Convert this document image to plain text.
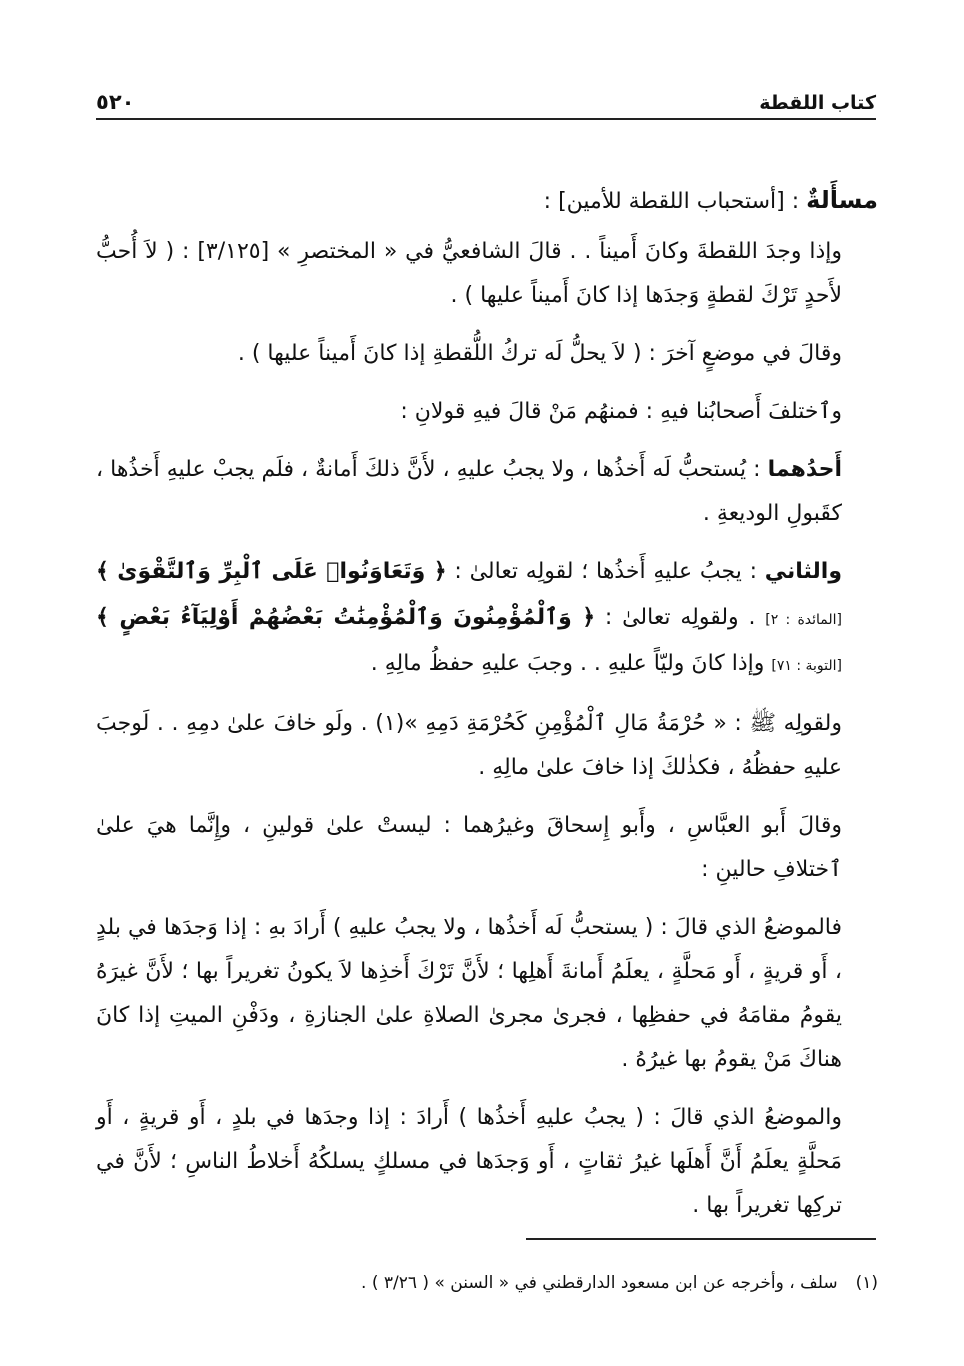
كتاب اللقطة
٥٢٠

مسأَلةٌ : [أستحباب اللقطة للأمين] :

وإذا وجدَ اللقطةَ وكانَ أَميناً . . قالَ الشافعيُّ في « المختصرِ » [٣/١٢٥] : ( لاَ أُحبُّ لأَحدٍ تَرْكَ لقطةٍ وَجدَها إذا كانَ أَميناً عليها ) .

وقالَ في موضعٍ آخرَ : ( لاَ يحلُّ لَه تركُ اللُّقطةِ إذا كانَ أَميناً عليها ) .

وٱختلفَ أَصحابُنا فيهِ : فمنهُم مَنْ قالَ فيهِ قولانِ :

أَحدُهما : يُستحبُّ لَه أَخذُها ، ولا يجبُ عليهِ ، لأَنَّ ذلكَ أَمانةٌ ، فلَم يجبْ عليهِ أَخذُها ، كقَبولِ الوديعةِ .

والثاني : يجبُ عليهِ أَخذُها ؛ لقولِه تعالىٰ : ﴿ وَتَعَاوَنُوا۟ عَلَى ٱلْبِرِّ وَٱلتَّقْوَىٰ ﴾ [المائدة : ٢] . ولقولِه تعالىٰ : ﴿ وَٱلْمُؤْمِنُونَ وَٱلْمُؤْمِنَٰتُ بَعْضُهُمْ أَوْلِيَآءُ بَعْضٍ ﴾ [التوبة : ٧١] وإذا كانَ وليّاً عليهِ . . وجبَ عليهِ حفظُ مالِهِ .

ولقولِه ﷺ : « حُرْمَةُ مَالِ ٱلْمُؤْمِنِ كَحُرْمَةِ دَمِهِ »(١) . ولَو خافَ علىٰ دمِهِ . . لَوجبَ عليهِ حفظُهُ ، فكذٰلكَ إذا خافَ علىٰ مالِهِ .

وقالَ أَبو العبَّاسِ ، وأَبو إِسحاقَ وغيرُهما : ليستْ علىٰ قولينِ ، وإِنَّما هيَ علىٰ ٱختلافِ حالينِ :

فالموضعُ الذي قالَ : ( يستحبُّ لَه أَخذُها ، ولا يجبُ عليهِ ) أَرادَ بهِ : إذا وَجدَها في بلدٍ ، أَو قريةٍ ، أَو مَحلَّةٍ ، يعلَمُ أَمانةَ أَهلِها ؛ لأَنَّ تَرْكَ أَخذِها لاَ يكونُ تغريراً بها ؛ لأَنَّ غيرَهُ يقومُ مقامَهُ في حفظِها ، فجرىٰ مجرىٰ الصلاةِ علىٰ الجنازةِ ، ودَفْنِ الميتِ إذا كانَ هناكَ مَنْ يقومُ بها غيرُهُ .

والموضعُ الذي قالَ : ( يجبُ عليهِ أَخذُها ) أَرادَ : إذا وجدَها في بلدٍ ، أَو قريةٍ ، أَو مَحلَّةٍ يعلَمُ أَنَّ أَهلَها غيرُ ثقاتٍ ، أَو وَجدَها في مسلكٍ يسلكُهُ أَخلاطُ الناسِ ؛ لأَنَّ في تركِها تغريراً بها .

(١)سلف ، وأخرجه عن ابن مسعود الدارقطني في « السنن » ( ٣/٢٦ ) .
